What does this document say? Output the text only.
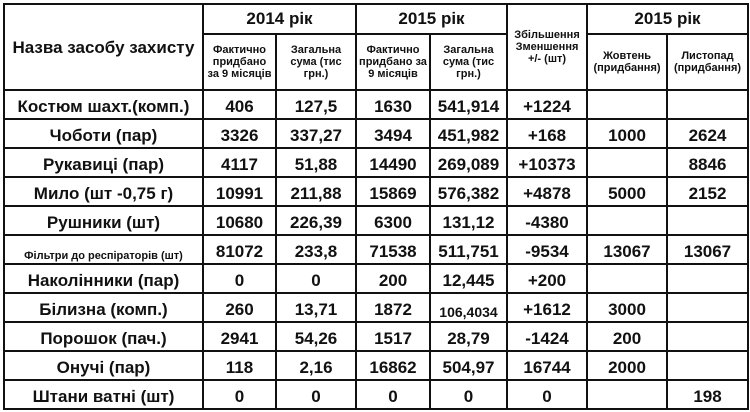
Назва засобу захисту	2014 рік		2015 рік		Збільшення Зменшення +/- (шт)	2015 рік	
	Фактично придбано за 9 місяців	Загальна сума (тис грн.)	Фактично придбано за 9 місяців	Загальна сума (тис грн.)		Жовтень (придбання)	Листопад (придбання)
Костюм шахт.(комп.)	406	127,5	1630	541,914	+1224		
Чоботи (пар)	3326	337,27	3494	451,982	+168	1000	2624
Рукавиці (пар)	4117	51,88	14490	269,089	+10373		8846
Мило (шт -0,75 г)	10991	211,88	15869	576,382	+4878	5000	2152
Рушники (шт)	10680	226,39	6300	131,12	-4380		
Фільтри до респіраторів (шт)	81072	233,8	71538	511,751	-9534	13067	13067
Наколінники (пар)	0	0	200	12,445	+200		
Білизна (комп.)	260	13,71	1872	106,4034	+1612	3000	
Порошок (пач.)	2941	54,26	1517	28,79	-1424	200	
Онучі (пар)	118	2,16	16862	504,97	16744	2000	
Штани ватні (шт)	0	0	0	0	0		198
